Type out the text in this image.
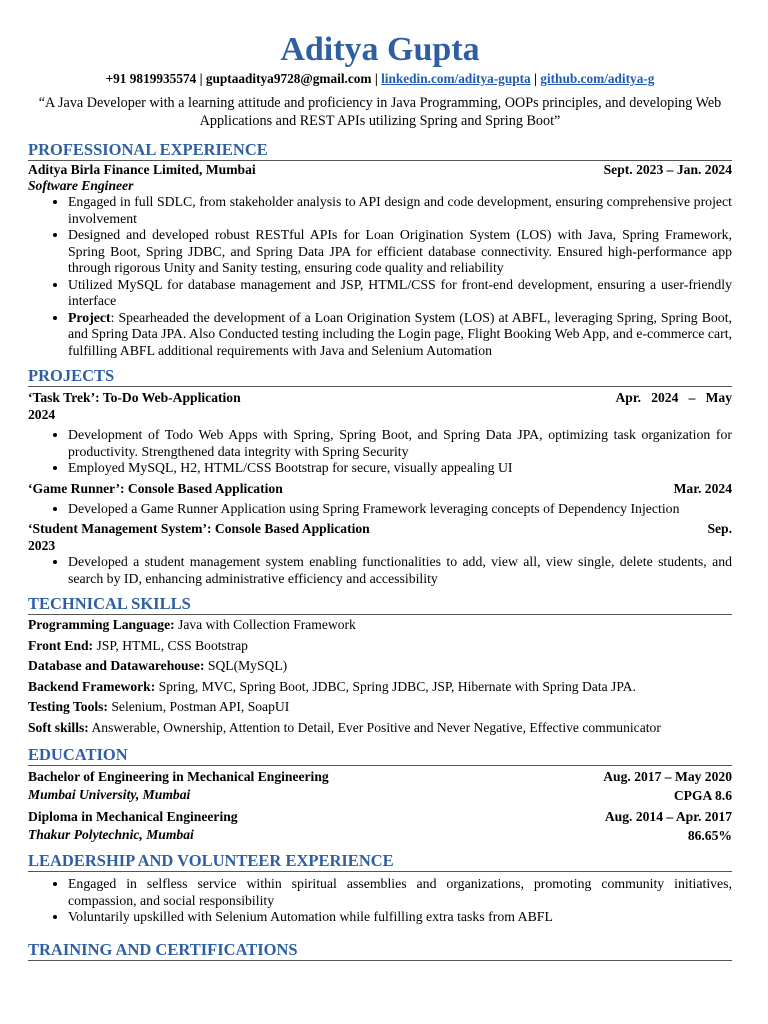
Aditya Gupta
+91 9819935574 | guptaaditya9728@gmail.com | linkedin.com/aditya-gupta | github.com/aditya-g
“A Java Developer with a learning attitude and proficiency in Java Programming, OOPs principles, and developing Web Applications and REST APIs utilizing Spring and Spring Boot”
PROFESSIONAL EXPERIENCE
Aditya Birla Finance Limited, Mumbai	Sept. 2023 – Jan. 2024
Software Engineer
• Engaged in full SDLC, from stakeholder analysis to API design and code development, ensuring comprehensive project involvement
• Designed and developed robust RESTful APIs for Loan Origination System (LOS) with Java, Spring Framework, Spring Boot, Spring JDBC, and Spring Data JPA for efficient database connectivity. Ensured high-performance app through rigorous Unity and Sanity testing, ensuring code quality and reliability
• Utilized MySQL for database management and JSP, HTML/CSS for front-end development, ensuring a user-friendly interface
• Project: Spearheaded the development of a Loan Origination System (LOS) at ABFL, leveraging Spring, Spring Boot, and Spring Data JPA. Also Conducted testing including the Login page, Flight Booking Web App, and e-commerce cart, fulfilling ABFL additional requirements with Java and Selenium Automation
PROJECTS
‘Task Trek’: To-Do Web-Application	Apr.   2024   –   May
2024
• Development of Todo Web Apps with Spring, Spring Boot, and Spring Data JPA, optimizing task organization for productivity. Strengthened data integrity with Spring Security
• Employed MySQL, H2, HTML/CSS Bootstrap for secure, visually appealing UI
‘Game Runner’: Console Based Application	Mar. 2024
• Developed a Game Runner Application using Spring Framework leveraging concepts of Dependency Injection
‘Student Management System’: Console Based Application	Sep.
2023
• Developed a student management system enabling functionalities to add, view all, view single, delete students, and search by ID, enhancing administrative efficiency and accessibility
TECHNICAL SKILLS
Programming Language: Java with Collection Framework
Front End: JSP, HTML, CSS Bootstrap
Database and Datawarehouse: SQL(MySQL)
Backend Framework: Spring, MVC, Spring Boot, JDBC, Spring JDBC, JSP, Hibernate with Spring Data JPA.
Testing Tools: Selenium, Postman API, SoapUI
Soft skills: Answerable, Ownership, Attention to Detail, Ever Positive and Never Negative, Effective communicator
EDUCATION
Bachelor of Engineering in Mechanical Engineering	Aug. 2017 – May 2020
Mumbai University, Mumbai	CPGA 8.6
Diploma in Mechanical Engineering	Aug. 2014 – Apr. 2017
Thakur Polytechnic, Mumbai	86.65%
LEADERSHIP AND VOLUNTEER EXPERIENCE
• Engaged in selfless service within spiritual assemblies and organizations, promoting community initiatives, compassion, and social responsibility
• Voluntarily upskilled with Selenium Automation while fulfilling extra tasks from ABFL
TRAINING AND CERTIFICATIONS
